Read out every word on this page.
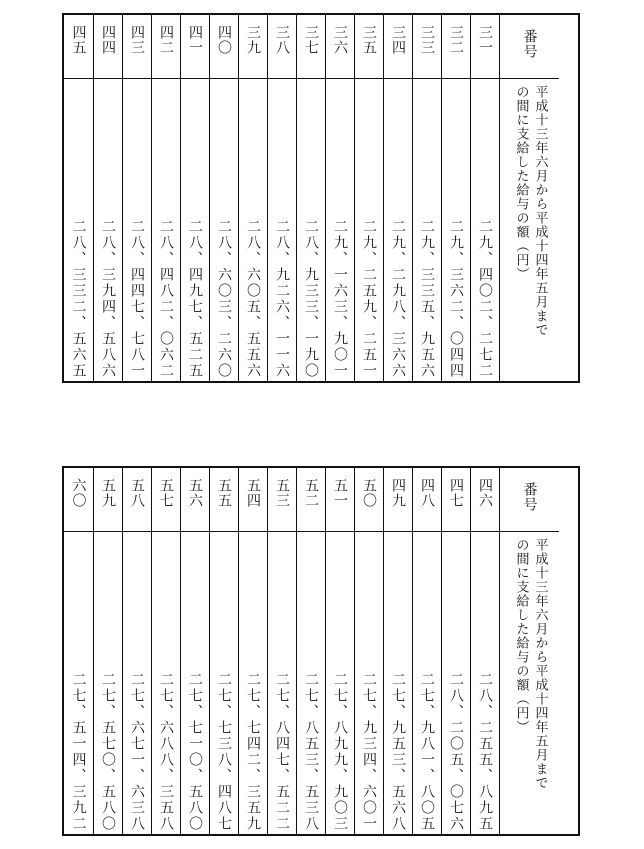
四五
二八、三三二、五六五
四四
二八、三九四、五八六
四三
二八、四四七、七八一
四二
二八、四八二、〇六二
四一
二八、四九七、五二五
四〇
二八、六〇三、二六〇
三九
二八、六〇五、五五六
三八
二八、九二六、一一六
三七
二八、九三三、一九〇
三六
二九、一六三、九〇一
三五
二九、二五九、二五一
三四
二九、二九八、三六六
三三
二九、三三五、九五六
三二
二九、三六二、〇四四
三一
二九、四〇二、二七二
番号
平成十三年六月から平成十四年五月まで
の間に支給した給与の額（円）
六〇
二七、五一四、三九二
五九
二七、五七〇、五八〇
五八
二七、六七一、六三八
五七
二七、六八八、三五八
五六
二七、七一〇、五八〇
五五
二七、七三八、四八七
五四
二七、七四二、三五九
五三
二七、八四七、五二二
五二
二七、八五三、五三八
五一
二七、八九九、九〇三
五〇
二七、九三四、六〇一
四九
二七、九五三、五六八
四八
二七、九八一、八〇五
四七
二八、二〇五、〇七六
四六
二八、二五五、八九五
番号
平成十三年六月から平成十四年五月まで
の間に支給した給与の額（円）
